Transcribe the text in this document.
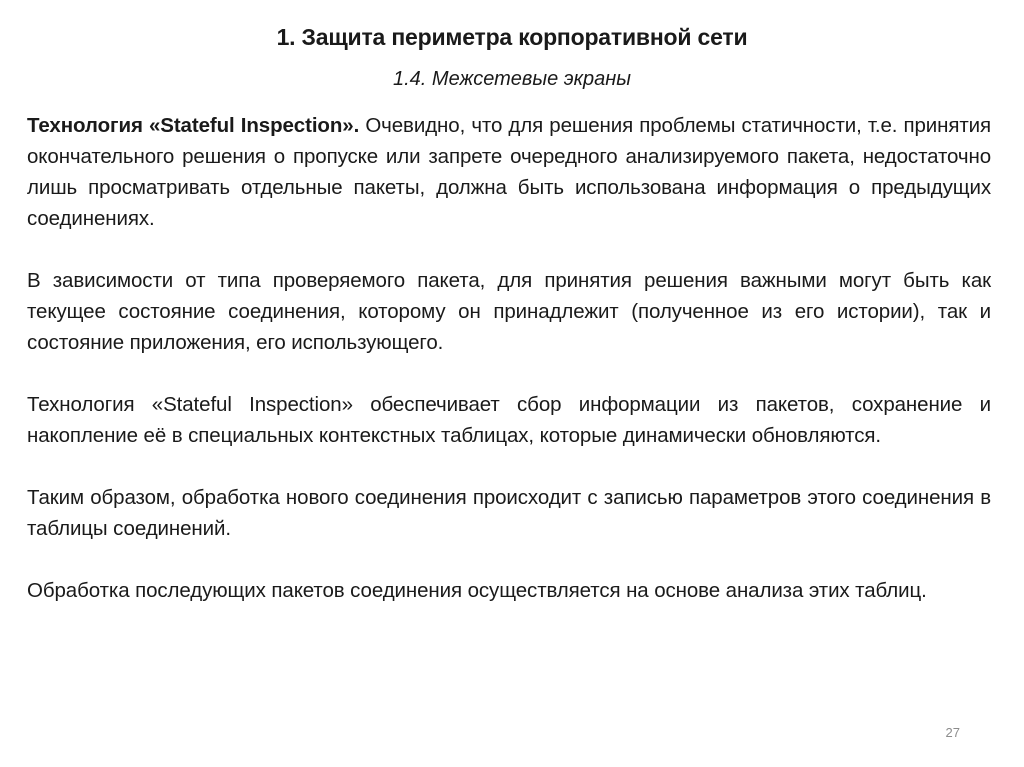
1. Защита периметра корпоративной сети
1.4. Межсетевые экраны

Технология «Stateful Inspection». Очевидно, что для решения проблемы статичности, т.е. принятия окончательного решения о пропуске или запрете очередного анализируемого пакета, недостаточно лишь просматривать отдельные пакеты, должна быть использована информация о предыдущих соединениях.

В зависимости от типа проверяемого пакета, для принятия решения важными могут быть как текущее состояние соединения, которому он принадлежит (полученное из его истории), так и состояние приложения, его использующего.

Технология «Stateful Inspection» обеспечивает сбор информации из пакетов, сохранение и накопление её в специальных контекстных таблицах, которые динамически обновляются.

Таким образом, обработка нового соединения происходит с записью параметров этого соединения в таблицы соединений.

Обработка последующих пакетов соединения осуществляется на основе анализа этих таблиц.

27
